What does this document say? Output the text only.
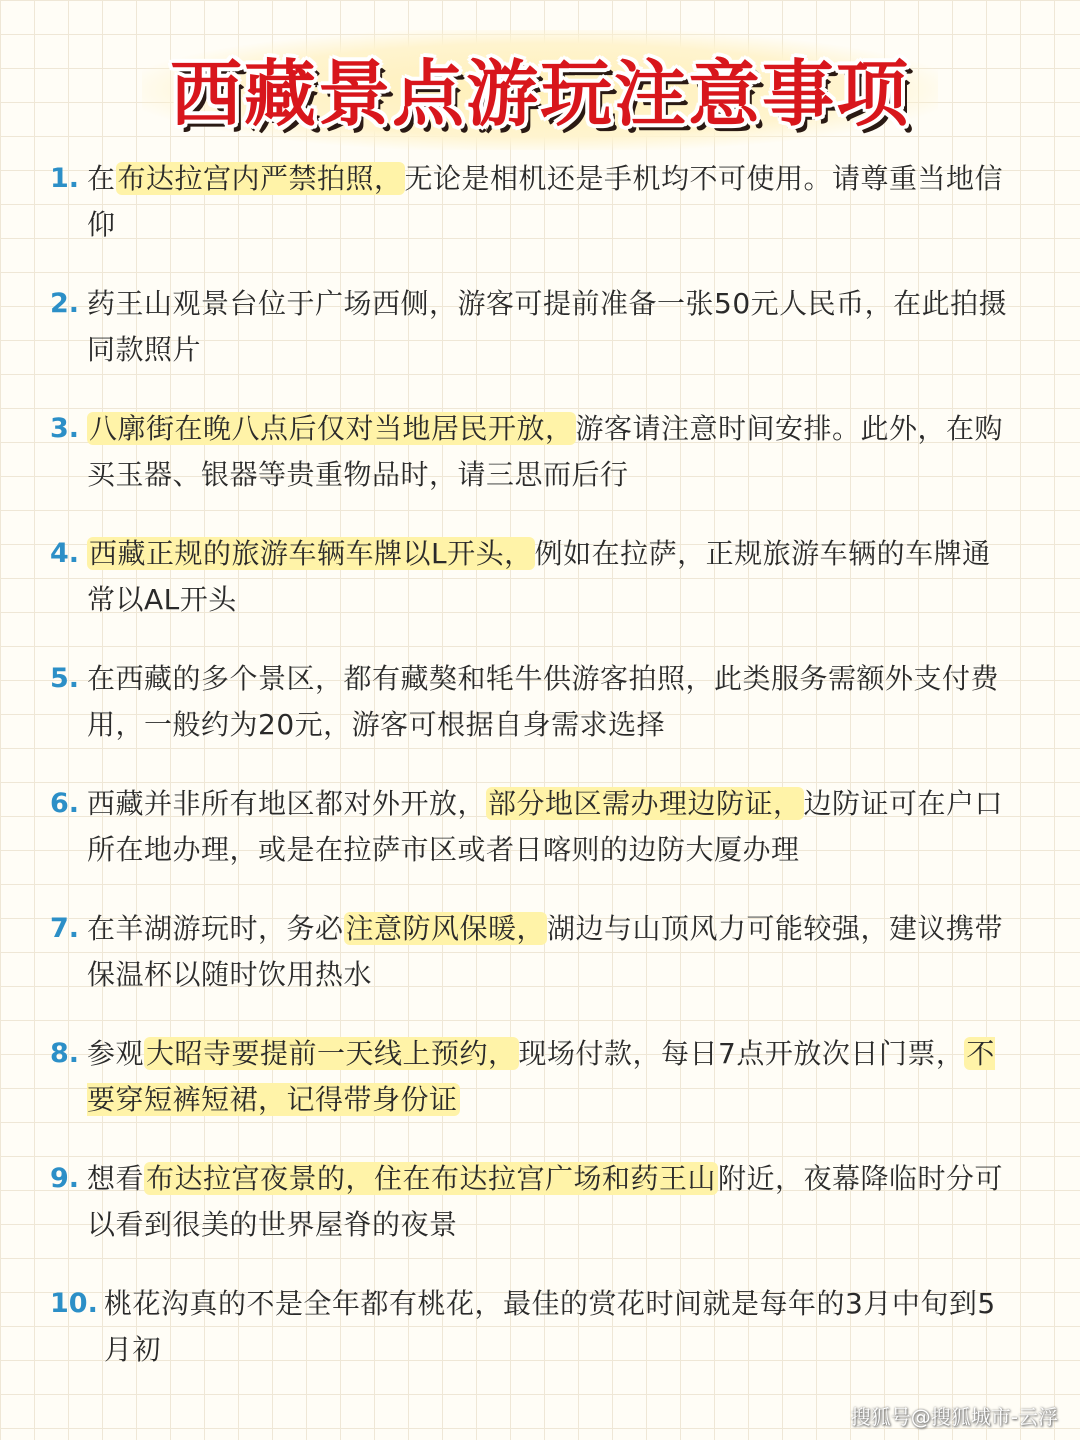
西藏景点游玩注意事项
1. 在布达拉宫内严禁拍照，无论是相机还是手机均不可使用。请尊重当地信仰
2. 药王山观景台位于广场西侧，游客可提前准备一张50元人民币，在此拍摄同款照片
3. 八廓街在晚八点后仅对当地居民开放，游客请注意时间安排。此外，在购买玉器、银器等贵重物品时，请三思而后行
4. 西藏正规的旅游车辆车牌以L开头，例如在拉萨，正规旅游车辆的车牌通常以AL开头
5. 在西藏的多个景区，都有藏獒和牦牛供游客拍照，此类服务需额外支付费用，一般约为20元，游客可根据自身需求选择
6. 西藏并非所有地区都对外开放，部分地区需办理边防证，边防证可在户口所在地办理，或是在拉萨市区或者日喀则的边防大厦办理
7. 在羊湖游玩时，务必注意防风保暖，湖边与山顶风力可能较强，建议携带保温杯以随时饮用热水
8. 参观大昭寺要提前一天线上预约，现场付款，每日7点开放次日门票，不要穿短裤短裙，记得带身份证
9. 想看布达拉宫夜景的，住在布达拉宫广场和药王山附近，夜幕降临时分可以看到很美的世界屋脊的夜景
10. 桃花沟真的不是全年都有桃花，最佳的赏花时间就是每年的3月中旬到5月初
搜狐号@搜狐城市-云浮
